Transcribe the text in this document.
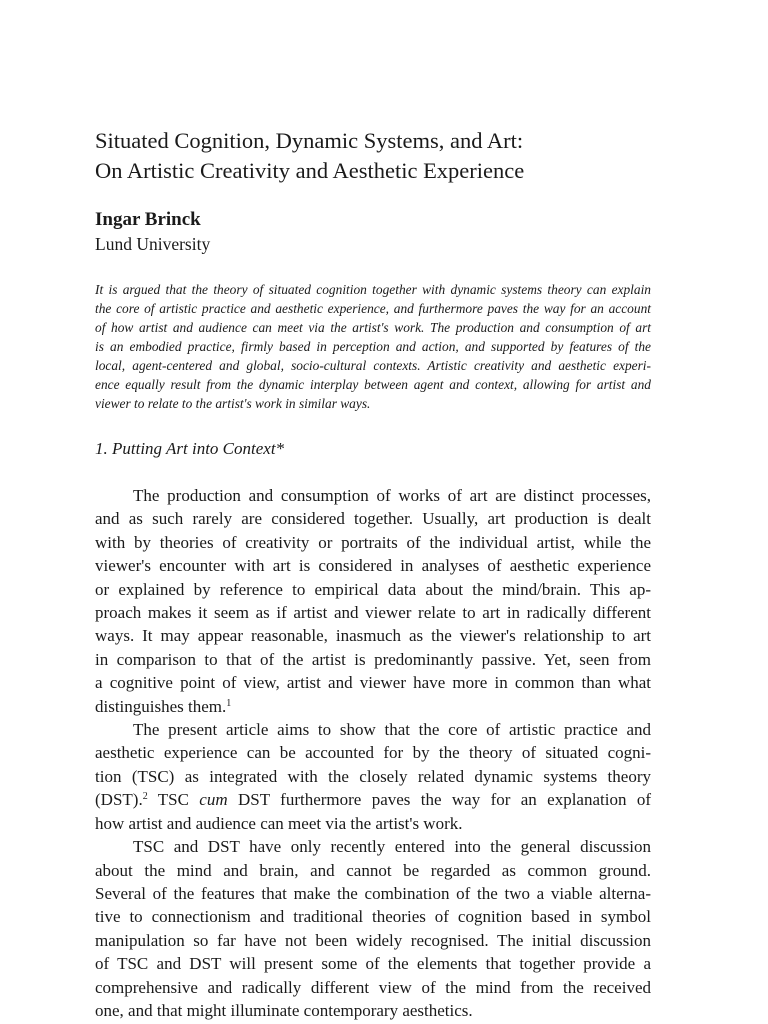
Situated Cognition, Dynamic Systems, and Art:
On Artistic Creativity and Aesthetic Experience
Ingar Brinck
Lund University
It is argued that the theory of situated cognition together with dynamic systems theory can explain
the core of artistic practice and aesthetic experience, and furthermore paves the way for an account
of how artist and audience can meet via the artist's work. The production and consumption of art
is an embodied practice, firmly based in perception and action, and supported by features of the
local, agent-centered and global, socio-cultural contexts. Artistic creativity and aesthetic experi-
ence equally result from the dynamic interplay between agent and context, allowing for artist and
viewer to relate to the artist's work in similar ways.
1. Putting Art into Context*
The production and consumption of works of art are distinct processes,
and as such rarely are considered together. Usually, art production is dealt
with by theories of creativity or portraits of the individual artist, while the
viewer's encounter with art is considered in analyses of aesthetic experience
or explained by reference to empirical data about the mind/brain. This ap-
proach makes it seem as if artist and viewer relate to art in radically different
ways. It may appear reasonable, inasmuch as the viewer's relationship to art
in comparison to that of the artist is predominantly passive. Yet, seen from
a cognitive point of view, artist and viewer have more in common than what
distinguishes them.$^1$
The present article aims to show that the core of artistic practice and
aesthetic experience can be accounted for by the theory of situated cogni-
tion (TSC) as integrated with the closely related dynamic systems theory
(DST).$^2$ TSC cum DST furthermore paves the way for an explanation of
how artist and audience can meet via the artist's work.
TSC and DST have only recently entered into the general discussion
about the mind and brain, and cannot be regarded as common ground.
Several of the features that make the combination of the two a viable alterna-
tive to connectionism and traditional theories of cognition based in symbol
manipulation so far have not been widely recognised. The initial discussion
of TSC and DST will present some of the elements that together provide a
comprehensive and radically different view of the mind from the received
one, and that might illuminate contemporary aesthetics.
